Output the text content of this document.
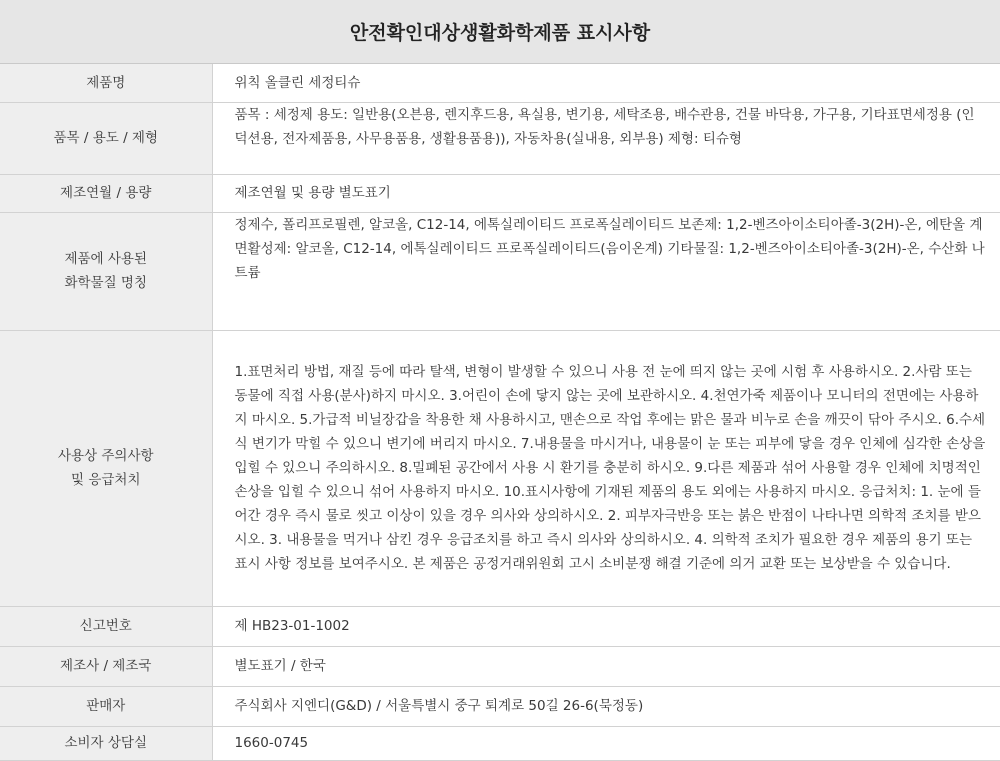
안전확인대상생활화학제품 표시사항
제품명	위칙 올클린 세정티슈

품목 / 용도 / 제형	품목 : 세정제 용도: 일반용(오븐용, 렌지후드용, 욕실용, 변기용, 세탁조용, 배수관용, 건물 바닥용, 가구용, 기타표면세정용 (인덕션용, 전자제품용, 사무용품용, 생활용품용)), 자동차용(실내용, 외부용) 제형: 티슈형

제조연월 / 용량	제조연월 및 용량 별도표기

제품에 사용된
화학물질 명칭	정제수, 폴리프로필렌, 알코올, C12-14, 에톡실레이티드 프로폭실레이티드 보존제: 1,2-벤즈아이소티아졸-3(2H)-온, 에탄올 계면활성제: 알코올, C12-14, 에톡실레이티드 프로폭실레이티드(음이온계) 기타물질: 1,2-벤즈아이소티아졸-3(2H)-온, 수산화 나트륨

사용상 주의사항
및 응급처치	1.표면처리 방법, 재질 등에 따라 탈색, 변형이 발생할 수 있으니 사용 전 눈에 띄지 않는 곳에 시험 후 사용하시오. 2.사람 또는 동물에 직접 사용(분사)하지 마시오. 3.어린이 손에 닿지 않는 곳에 보관하시오. 4.천연가죽 제품이나 모니터의 전면에는 사용하지 마시오. 5.가급적 비닐장갑을 착용한 채 사용하시고, 맨손으로 작업 후에는 맑은 물과 비누로 손을 깨끗이 닦아 주시오. 6.수세식 변기가 막힐 수 있으니 변기에 버리지 마시오. 7.내용물을 마시거나, 내용물이 눈 또는 피부에 닿을 경우 인체에 심각한 손상을 입힐 수 있으니 주의하시오. 8.밀폐된 공간에서 사용 시 환기를 충분히 하시오. 9.다른 제품과 섞어 사용할 경우 인체에 치명적인 손상을 입힐 수 있으니 섞어 사용하지 마시오. 10.표시사항에 기재된 제품의 용도 외에는 사용하지 마시오. 응급처치: 1. 눈에 들어간 경우 즉시 물로 씻고 이상이 있을 경우 의사와 상의하시오. 2. 피부자극반응 또는 붉은 반점이 나타나면 의학적 조치를 받으시오. 3. 내용물을 먹거나 삼킨 경우 응급조치를 하고 즉시 의사와 상의하시오. 4. 의학적 조치가 필요한 경우 제품의 용기 또는 표시 사항 정보를 보여주시오. 본 제품은 공정거래위원회 고시 소비분쟁 해결 기준에 의거 교환 또는 보상받을 수 있습니다.

신고번호	제 HB23-01-1002

제조사 / 제조국	별도표기 / 한국

판매자	주식회사 지엔디(G&D) / 서울특별시 중구 퇴계로 50길 26-6(묵정동)

소비자 상담실	1660-0745
